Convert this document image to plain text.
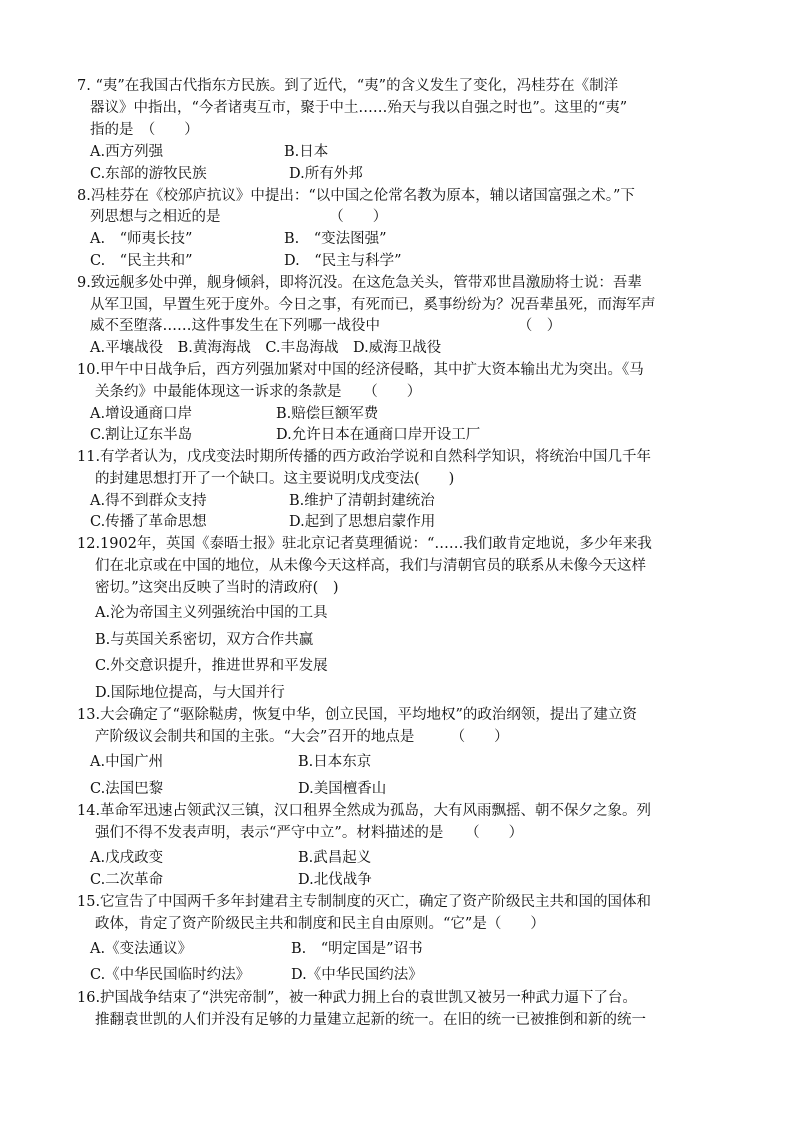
7. “夷”在我国古代指东方民族。到了近代，“夷”的含义发生了变化，冯桂芬在《制洋
器议》中指出，“今者诸夷互市，聚于中土……殆天与我以自强之时也”。这里的“夷”
指的是　（　　）
A.西方列强	B.日本
C.东部的游牧民族	D.所有外邦
8.冯桂芬在《校邠庐抗议》中提出：“以中国之伦常名教为原本，辅以诸国富强之术。”下
列思想与之相近的是　　　　　　　　（　　）
A.　“师夷长技”	B.　“变法图强”
C.　“民主共和”	D.　“民主与科学”
9.致远舰多处中弹，舰身倾斜，即将沉没。在这危急关头，管带邓世昌激励将士说：吾辈
从军卫国，早置生死于度外。今日之事，有死而已，奚事纷纷为？况吾辈虽死，而海军声
威不至堕落……这件事发生在下列哪一战役中　　　　　　　　　　（　）
A.平壤战役　B.黄海海战　C.丰岛海战　D.威海卫战役
10.甲午中日战争后，西方列强加紧对中国的经济侵略，其中扩大资本输出尤为突出。《马
关条约》中最能体现这一诉求的条款是　　（　　）
A.增设通商口岸	B.赔偿巨额军费
C.割让辽东半岛	D.允许日本在通商口岸开设工厂
11.有学者认为，戊戌变法时期所传播的西方政治学说和自然科学知识，将统治中国几千年
的封建思想打开了一个缺口。这主要说明戊戌变法(　　)
A.得不到群众支持	B.维护了清朝封建统治
C.传播了革命思想	D.起到了思想启蒙作用
12.1902年，英国《泰晤士报》驻北京记者莫理循说：“……我们敢肯定地说，多少年来我
们在北京或在中国的地位，从未像今天这样高，我们与清朝官员的联系从未像今天这样
密切。”这突出反映了当时的清政府(　)
A.沦为帝国主义列强统治中国的工具
B.与英国关系密切，双方合作共赢
C.外交意识提升，推进世界和平发展
D.国际地位提高，与大国并行
13.大会确定了“驱除鞑虏，恢复中华，创立民国，平均地权”的政治纲领，提出了建立资
产阶级议会制共和国的主张。“大会”召开的地点是　　　（　　）
A.中国广州	B.日本东京
C.法国巴黎	D.美国檀香山
14.革命军迅速占领武汉三镇，汉口租界全然成为孤岛，大有风雨飘摇、朝不保夕之象。列
强们不得不发表声明，表示“严守中立”。材料描述的是　　（　　）
A.戊戌政变	B.武昌起义
C.二次革命	D.北伐战争
15.它宣告了中国两千多年封建君主专制制度的灭亡，确定了资产阶级民主共和国的国体和
政体，肯定了资产阶级民主共和制度和民主自由原则。“它”是（　　）
A.《变法通议》	B.　“明定国是”诏书
C.《中华民国临时约法》	D.《中华民国约法》
16.护国战争结束了“洪宪帝制”，被一种武力拥上台的袁世凯又被另一种武力逼下了台。
推翻袁世凯的人们并没有足够的力量建立起新的统一。在旧的统一已被推倒和新的统一
